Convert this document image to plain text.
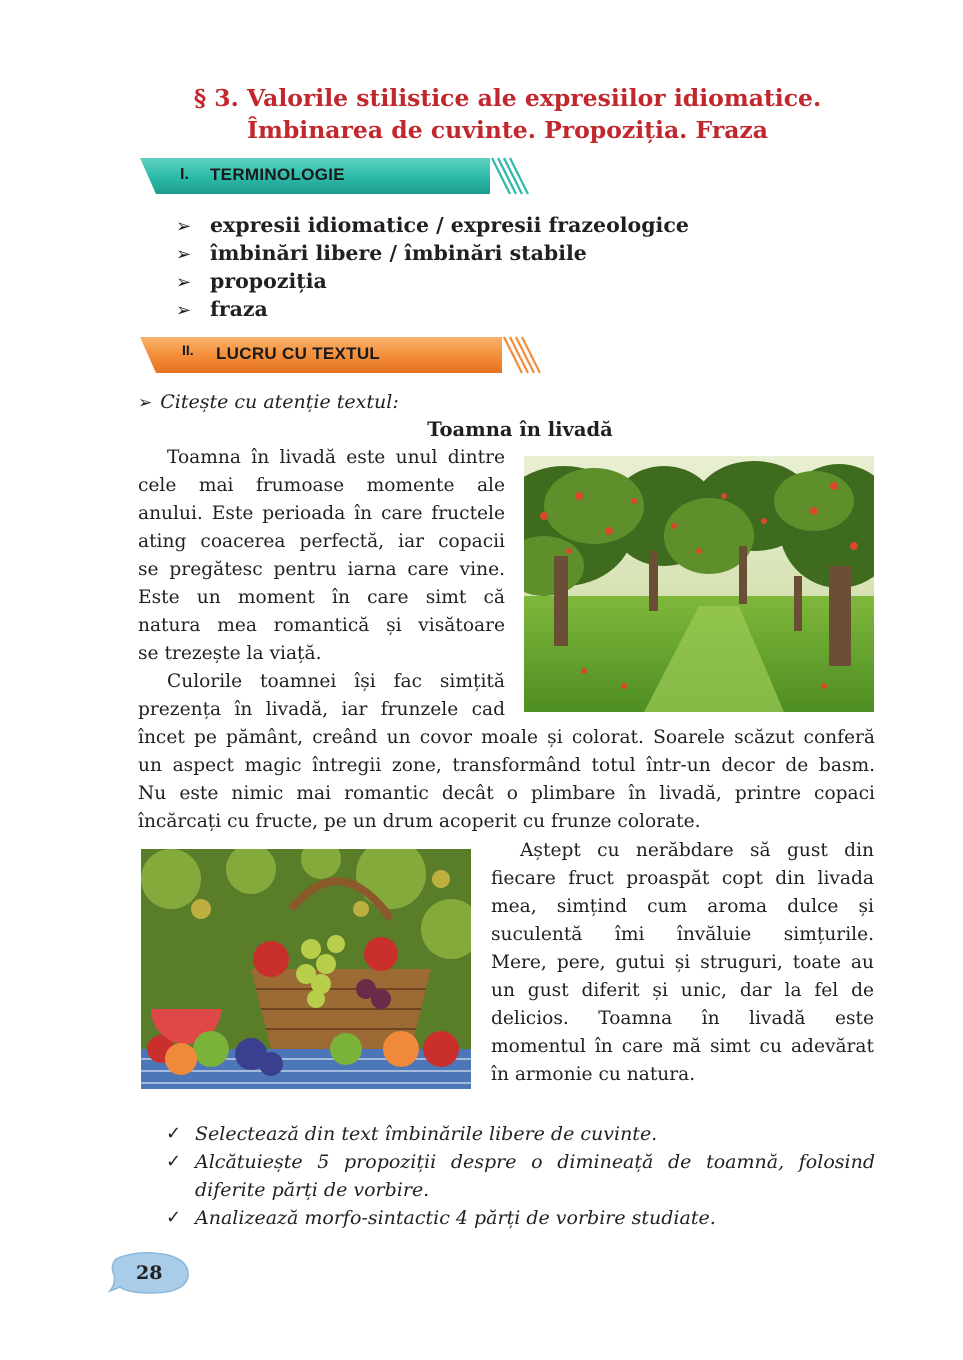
§ 3. Valorile stilistice ale expresiilor idiomatice.
Îmbinarea de cuvinte. Propoziția. Fraza
I. TERMINOLOGIE
➢ expresii idiomatice / expresii frazeologice
➢ îmbinări libere / îmbinări stabile
➢ propoziția
➢ fraza
II. LUCRU CU TEXTUL
➢ Citește cu atenție textul:
Toamna în livadă
Toamna în livadă este unul dintre
cele mai frumoase momente ale
anului. Este perioada în care fructele
ating coacerea perfectă, iar copacii
se pregătesc pentru iarna care vine.
Este un moment în care simt că
natura mea romantică și visătoare
se trezește la viață.
Culorile toamnei își fac simțită
prezența în livadă, iar frunzele cad
încet pe pământ, creând un covor moale și colorat. Soarele scăzut conferă
un aspect magic întregii zone, transformând totul într-un decor de basm.
Nu este nimic mai romantic decât o plimbare în livadă, printre copaci
încărcați cu fructe, pe un drum acoperit cu frunze colorate.
Aștept cu nerăbdare să gust din
fiecare fruct proaspăt copt din livada
mea, simțind cum aroma dulce și
suculentă îmi învăluie simțurile.
Mere, pere, gutui și struguri, toate au
un gust diferit și unic, dar la fel de
delicios. Toamna în livadă este
momentul în care mă simt cu adevărat
în armonie cu natura.
✓ Selectează din text îmbinările libere de cuvinte.
✓ Alcătuiește 5 propoziții despre o dimineață de toamnă, folosind diferite părți de vorbire.
✓ Analizează morfo-sintactic 4 părți de vorbire studiate.
28
